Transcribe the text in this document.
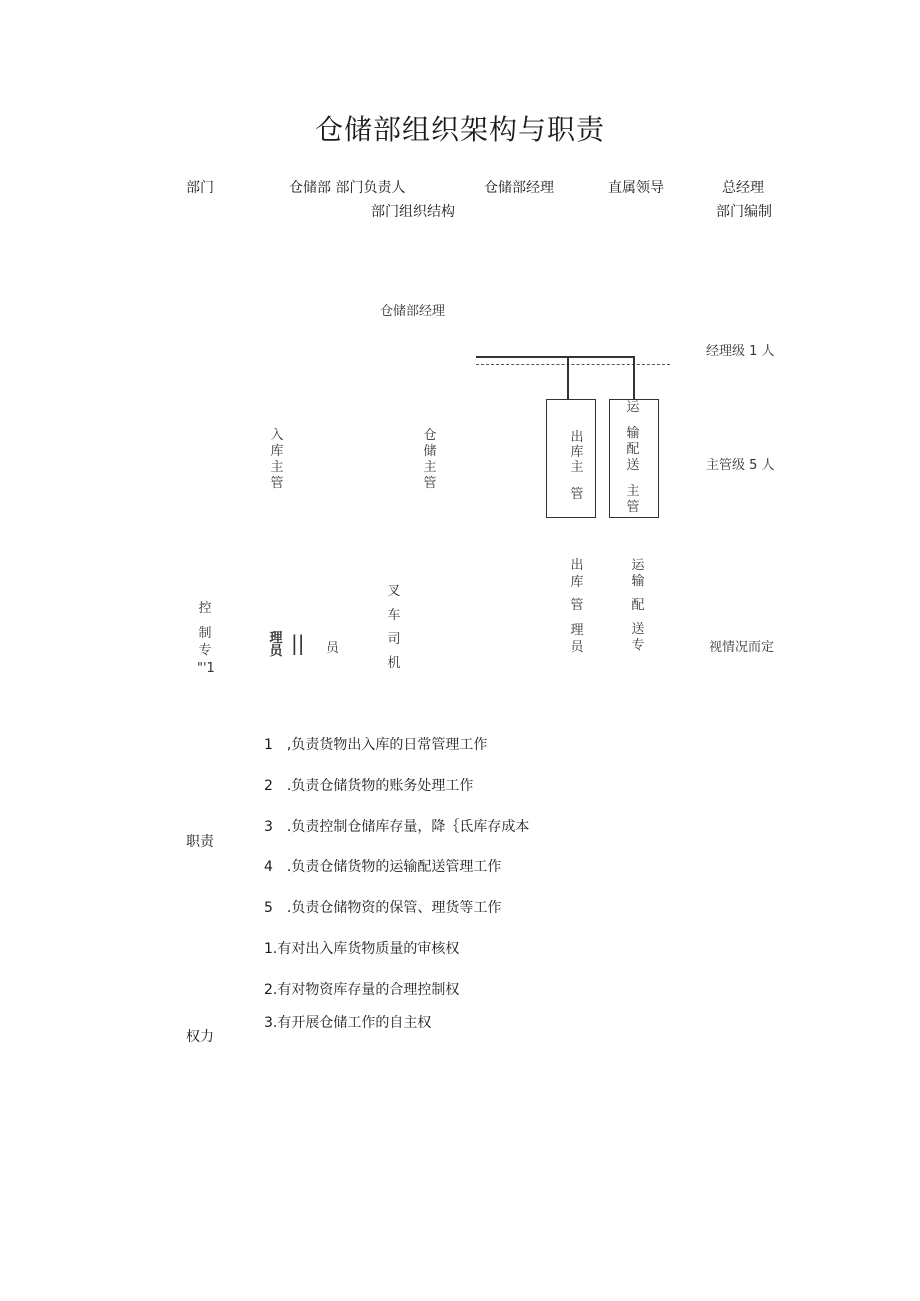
仓储部组织架构与职责
部门	仓储部 部门负责人	仓储部经理	直属领导	总经理
部门组织结构	部门编制
仓储部经理
经理级 1 人
主管级 5 人
视情况而定
入
库
主
管
仓
储
主
管
出
库
主
管
运
输
配
送
主
管
控
制
专
"'1
理
员 || 员
叉
车
司
机
出
库
管
理
员
运
输
配
送
专
职责
1　,负责货物出入库的日常管理工作
2　.负责仓储货物的账务处理工作
3　.负责控制仓储库存量，降｛氐库存成本
4　.负责仓储货物的运输配送管理工作
5　.负责仓储物资的保管、理货等工作
权力
1.有对出入库货物质量的审核权
2.有对物资库存量的合理控制权
3.有开展仓储工作的自主权
